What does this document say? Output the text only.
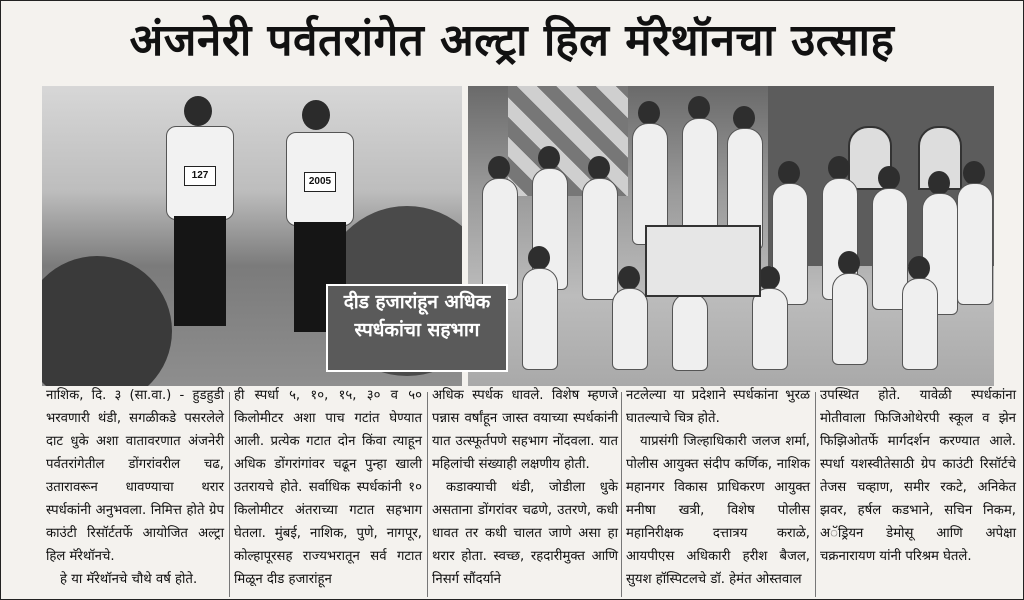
अंजनेरी पर्वतरांगेत अल्ट्रा हिल मॅरेथॉनचा उत्साह
127
2005
दीड हजारांहून अधिक स्पर्धकांचा सहभाग

नाशिक, दि. ३ (सा.वा.) - हुडहुडी भरवणारी थंडी, सगळीकडे पसरलेले दाट धुके अशा वातावरणात अंजनेरी पर्वतरांगेतील डोंगरांवरील चढ, उतारावरून धावण्याचा थरार स्पर्धकांनी अनुभवला. निमित्त होते ग्रेप काउंटी रिसॉर्टतर्फे आयोजित अल्ट्रा हिल मॅरेथॉनचे.

हे या मॅरेथॉनचे चौथे वर्ष होते.

ही स्पर्धा ५, १०, १५, ३० व ५० किलोमीटर अशा पाच गटांत घेण्यात आली. प्रत्येक गटात दोन किंवा त्याहून अधिक डोंगरांगांवर चढून पुन्हा खाली उतरायचे होते. सर्वाधिक स्पर्धकांनी १० किलोमीटर अंतराच्या गटात सहभाग घेतला. मुंबई, नाशिक, पुणे, नागपूर, कोल्हापूरसह राज्यभरातून सर्व गटात मिळून दीड हजारांहून

अधिक स्पर्धक धावले. विशेष म्हणजे पन्नास वर्षांहून जास्त वयाच्या स्पर्धकांनी यात उत्स्फूर्तपणे सहभाग नोंदवला. यात महिलांची संख्याही लक्षणीय होती.

कडाक्याची थंडी, जोडीला धुके असताना डोंगरांवर चढणे, उतरणे, कधी धावत तर कधी चालत जाणे असा हा थरार होता. स्वच्छ, रहदारीमुक्त आणि निसर्ग सौंदर्याने

नटलेल्या या प्रदेशाने स्पर्धकांना भुरळ घातल्याचे चित्र होते.

याप्रसंगी जिल्हाधिकारी जलज शर्मा, पोलीस आयुक्त संदीप कर्णिक, नाशिक महानगर विकास प्राधिकरण आयुक्त मनीषा खत्री, विशेष पोलीस महानिरीक्षक दत्तात्रय कराळे, आयपीएस अधिकारी हरीश बैजल, सुयश हॉस्पिटलचे डॉ. हेमंत ओस्तवाल

उपस्थित होते. यावेळी स्पर्धकांना मोतीवाला फिजिओथेरपी स्कूल व झेन फिझिओतर्फे मार्गदर्शन करण्यात आले. स्पर्धा यशस्वीतेसाठी ग्रेप काउंटी रिसॉर्टचे तेजस चव्हाण, समीर रकटे, अनिकेत झवर, हर्षल कडभाने, सचिन निकम, अॅड्रियन डेमोसू आणि अपेक्षा चक्रनारायण यांनी परिश्रम घेतले.
